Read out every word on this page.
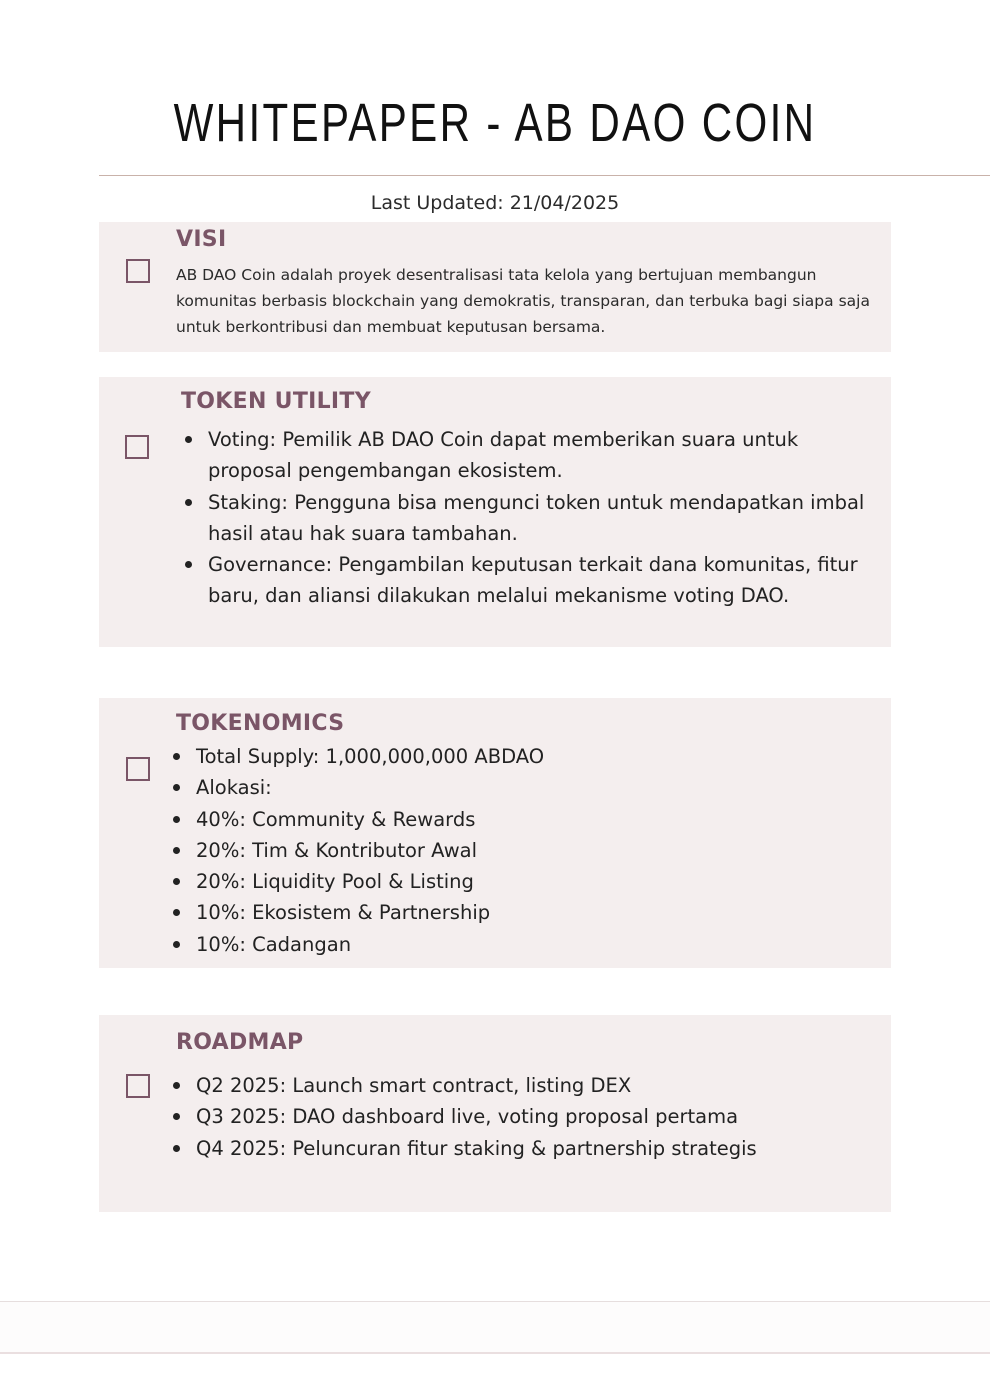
WHITEPAPER - AB DAO COIN
Last Updated: 21/04/2025
VISI

AB DAO Coin adalah proyek desentralisasi tata kelola yang bertujuan membangun komunitas berbasis blockchain yang demokratis, transparan, dan terbuka bagi siapa saja untuk berkontribusi dan membuat keputusan bersama.

TOKEN UTILITY
Voting: Pemilik AB DAO Coin dapat memberikan suara untuk proposal pengembangan ekosistem.
Staking: Pengguna bisa mengunci token untuk mendapatkan imbal hasil atau hak suara tambahan.
Governance: Pengambilan keputusan terkait dana komunitas, fitur baru, dan aliansi dilakukan melalui mekanisme voting DAO.
TOKENOMICS
Total Supply: 1,000,000,000 ABDAO
Alokasi:
40%: Community & Rewards
20%: Tim & Kontributor Awal
20%: Liquidity Pool & Listing
10%: Ekosistem & Partnership
10%: Cadangan
ROADMAP
Q2 2025: Launch smart contract, listing DEX
Q3 2025: DAO dashboard live, voting proposal pertama
Q4 2025: Peluncuran fitur staking & partnership strategis
